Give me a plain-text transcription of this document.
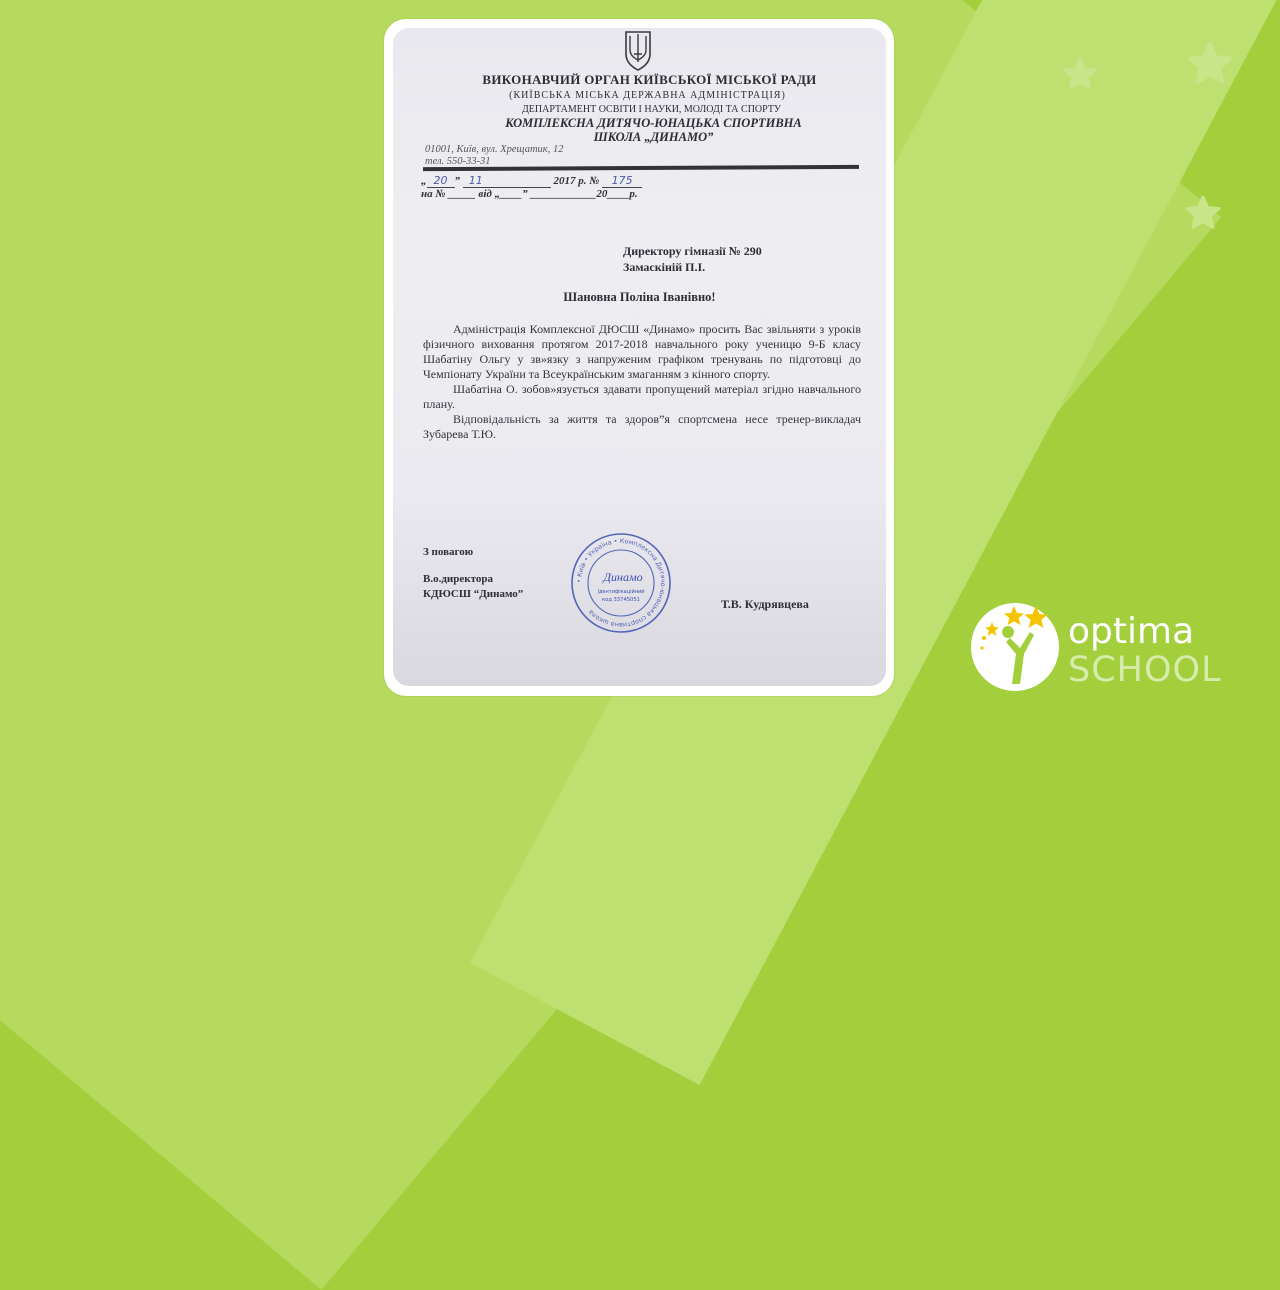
ВИКОНАВЧИЙ ОРГАН КИЇВСЬКОЇ МІСЬКОЇ РАДИ
(КИЇВСЬКА МІСЬКА ДЕРЖАВНА АДМІНІСТРАЦІЯ)
ДЕПАРТАМЕНТ ОСВІТИ І НАУКИ, МОЛОДІ ТА СПОРТУ
КОМПЛЕКСНА ДИТЯЧО-ЮНАЦЬКА СПОРТИВНА
ШКОЛА „ДИНАМО”
01001, Київ, вул. Хрещатик, 12
тел. 550-33-31
„ 20 ” 11	2017 р. № 175
на № _____ від „____” ____________20____р.
Директору гімназії № 290
Замаскіній П.І.
Шановна Поліна Іванівно!

Адміністрація Комплексної ДЮСШ «Динамо» просить Вас звільняти з уроків фізичного виховання протягом 2017-2018 навчального року ученицю 9-Б класу Шабатіну Ольгу у зв»язку з напруженим графіком тренувань по підготовці до Чемпіонату України та Всеукраїнським змаганням з кінного спорту.

Шабатіна О. зобов»язується здавати пропущений матеріал згідно навчального плану.

Відповідальність за життя та здоров”я спортсмена несе тренер-викладач Зубарева Т.Ю.

З повагою
В.о.директора
КДЮСШ “Динамо”
Т.В. Кудрявцева
• Київ • Україна • Комплексна Дитячо-юнацька спортивна школа
Динамо
Ідентифікаційний
код 33745051
optima
SCHOOL
